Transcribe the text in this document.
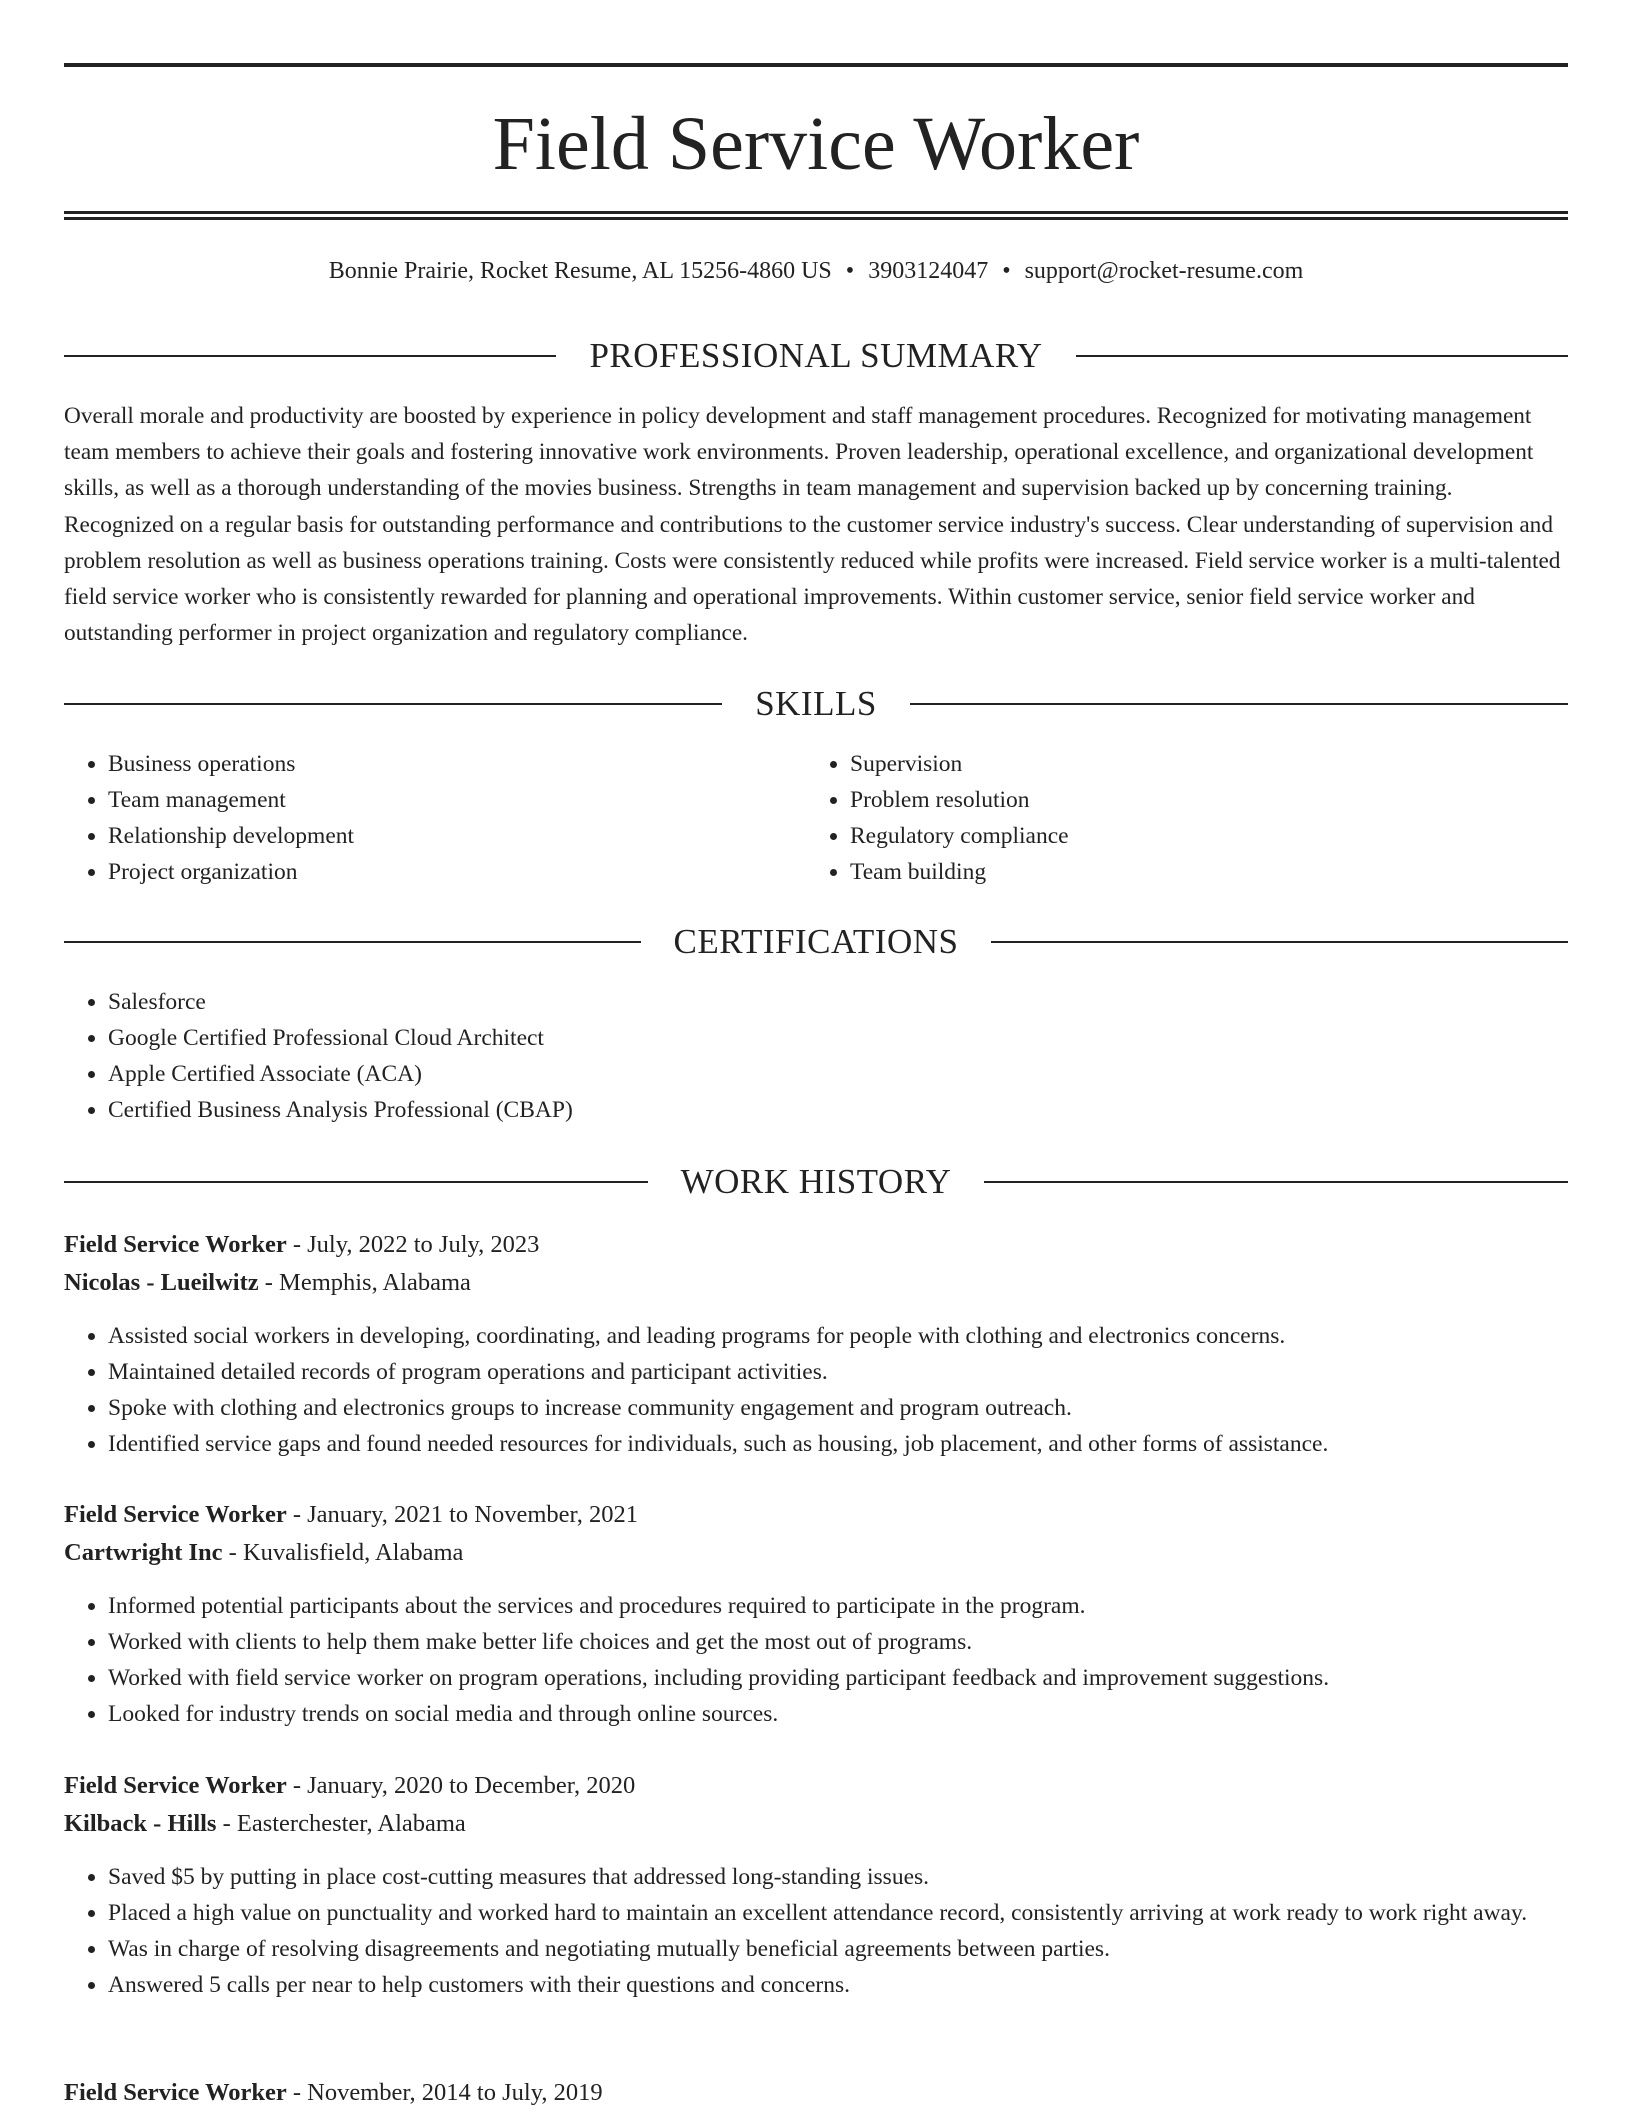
Field Service Worker
Bonnie Prairie, Rocket Resume, AL 15256-4860 US • 3903124047 • support@rocket-resume.com
PROFESSIONAL SUMMARY

Overall morale and productivity are boosted by experience in policy development and staff management procedures. Recognized for motivating management team members to achieve their goals and fostering innovative work environments. Proven leadership, operational excellence, and organizational development skills, as well as a thorough understanding of the movies business. Strengths in team management and supervision backed up by concerning training. Recognized on a regular basis for outstanding performance and contributions to the customer service industry's success. Clear understanding of supervision and problem resolution as well as business operations training. Costs were consistently reduced while profits were increased. Field service worker is a multi-talented field service worker who is consistently rewarded for planning and operational improvements. Within customer service, senior field service worker and outstanding performer in project organization and regulatory compliance.

SKILLS
• Business operations
• Team management
• Relationship development
• Project organization
• Supervision
• Problem resolution
• Regulatory compliance
• Team building
CERTIFICATIONS
• Salesforce
• Google Certified Professional Cloud Architect
• Apple Certified Associate (ACA)
• Certified Business Analysis Professional (CBAP)
WORK HISTORY
Field Service Worker - July, 2022 to July, 2023
Nicolas - Lueilwitz - Memphis, Alabama
• Assisted social workers in developing, coordinating, and leading programs for people with clothing and electronics concerns.
• Maintained detailed records of program operations and participant activities.
• Spoke with clothing and electronics groups to increase community engagement and program outreach.
• Identified service gaps and found needed resources for individuals, such as housing, job placement, and other forms of assistance.
Field Service Worker - January, 2021 to November, 2021
Cartwright Inc - Kuvalisfield, Alabama
• Informed potential participants about the services and procedures required to participate in the program.
• Worked with clients to help them make better life choices and get the most out of programs.
• Worked with field service worker on program operations, including providing participant feedback and improvement suggestions.
• Looked for industry trends on social media and through online sources.
Field Service Worker - January, 2020 to December, 2020
Kilback - Hills - Easterchester, Alabama
• Saved $5 by putting in place cost-cutting measures that addressed long-standing issues.
• Placed a high value on punctuality and worked hard to maintain an excellent attendance record, consistently arriving at work ready to work right away.
• Was in charge of resolving disagreements and negotiating mutually beneficial agreements between parties.
• Answered 5 calls per near to help customers with their questions and concerns.
Field Service Worker - November, 2014 to July, 2019
